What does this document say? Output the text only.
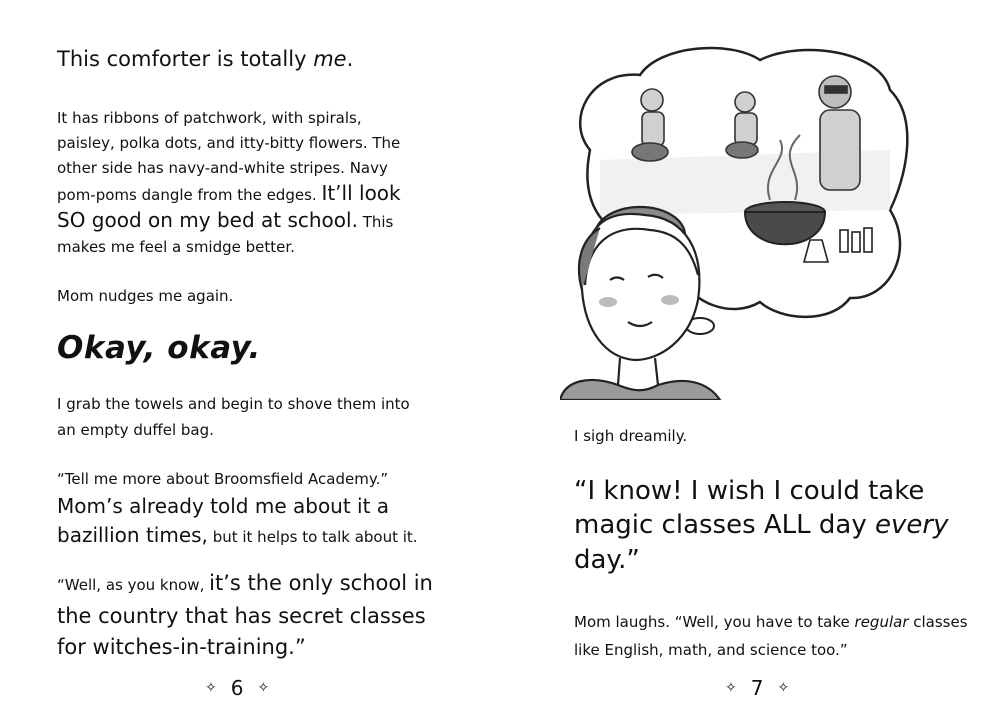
This comforter is totally me.

It has ribbons of patchwork, with spirals, paisley, polka dots, and itty-bitty flowers. The other side has navy-and-white stripes. Navy pom-poms dangle from the edges. It’ll look SO good on my bed at school. This makes me feel a smidge better.

Mom nudges me again.

Okay, okay.

I grab the towels and begin to shove them into an empty duffel bag.

“Tell me more about Broomsfield Academy.” Mom’s already told me about it a bazillion times, but it helps to talk about it.

“Well, as you know, it’s the only school in the country that has secret classes for witches-in-training.”

✧ 6 ✧

I sigh dreamily.

“I know! I wish I could take magic classes ALL day every day.”

Mom laughs. “Well, you have to take regular classes like English, math, and science too.”

✧ 7 ✧
